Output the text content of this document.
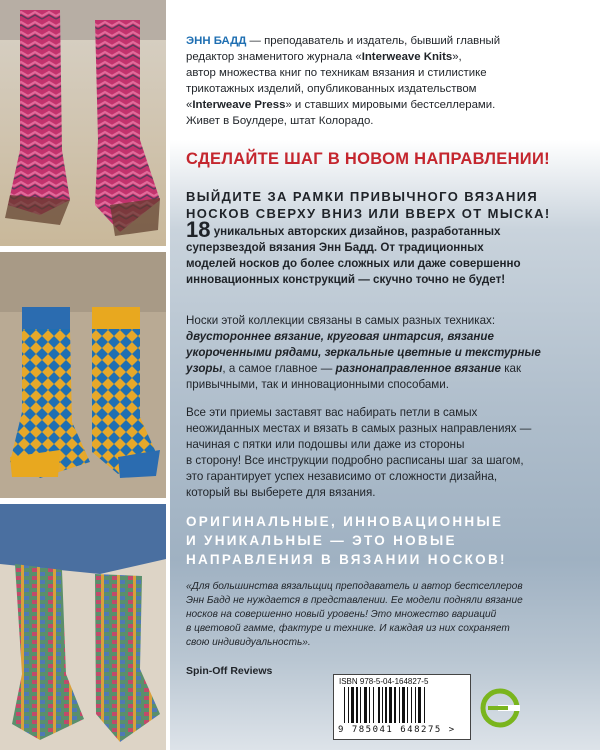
ЭНН БАДД — преподаватель и издатель, бывший главный
редактор знаменитого журнала «Interweave Knits»,
автор множества книг по техникам вязания и стилистике
трикотажных изделий, опубликованных издательством
«Interweave Press» и ставших мировыми бестселлерами.
Живет в Боулдере, штат Колорадо.
СДЕЛАЙТЕ ШАГ В НОВОМ НАПРАВЛЕНИИ!
ВЫЙДИТЕ ЗА РАМКИ ПРИВЫЧНОГО ВЯЗАНИЯ
НОСКОВ СВЕРХУ ВНИЗ ИЛИ ВВЕРХ ОТ МЫСКА!
18 уникальных авторских дизайнов, разработанных
суперзвездой вязания Энн Бадд. От традиционных
моделей носков до более сложных или даже совершенно
инновационных конструкций — скучно точно не будет!
Носки этой коллекции связаны в самых разных техниках:
двустороннее вязание, круговая интарсия, вязание
укороченными рядами, зеркальные цветные и текстурные
узоры, а самое главное — разнонаправленное вязание как
привычными, так и инновационными способами.
Все эти приемы заставят вас набирать петли в самых
неожиданных местах и вязать в самых разных направлениях —
начиная с пятки или подошвы или даже из стороны
в сторону! Все инструкции подробно расписаны шаг за шагом,
это гарантирует успех независимо от сложности дизайна,
который вы выберете для вязания.
ОРИГИНАЛЬНЫЕ, ИННОВАЦИОННЫЕ
И УНИКАЛЬНЫЕ — ЭТО НОВЫЕ
НАПРАВЛЕНИЯ В ВЯЗАНИИ НОСКОВ!
«Для большинства вязальщиц преподаватель и автор бестселлеров
Энн Бадд не нуждается в представлении. Ее модели подняли вязание
носков на совершенно новый уровень! Это множество вариаций
в цветовой гамме, фактуре и технике. И каждая из них сохраняет
свою индивидуальность».
Spin-Off Reviews
ISBN 978-5-04-164827-5
9 785041 648275 >
